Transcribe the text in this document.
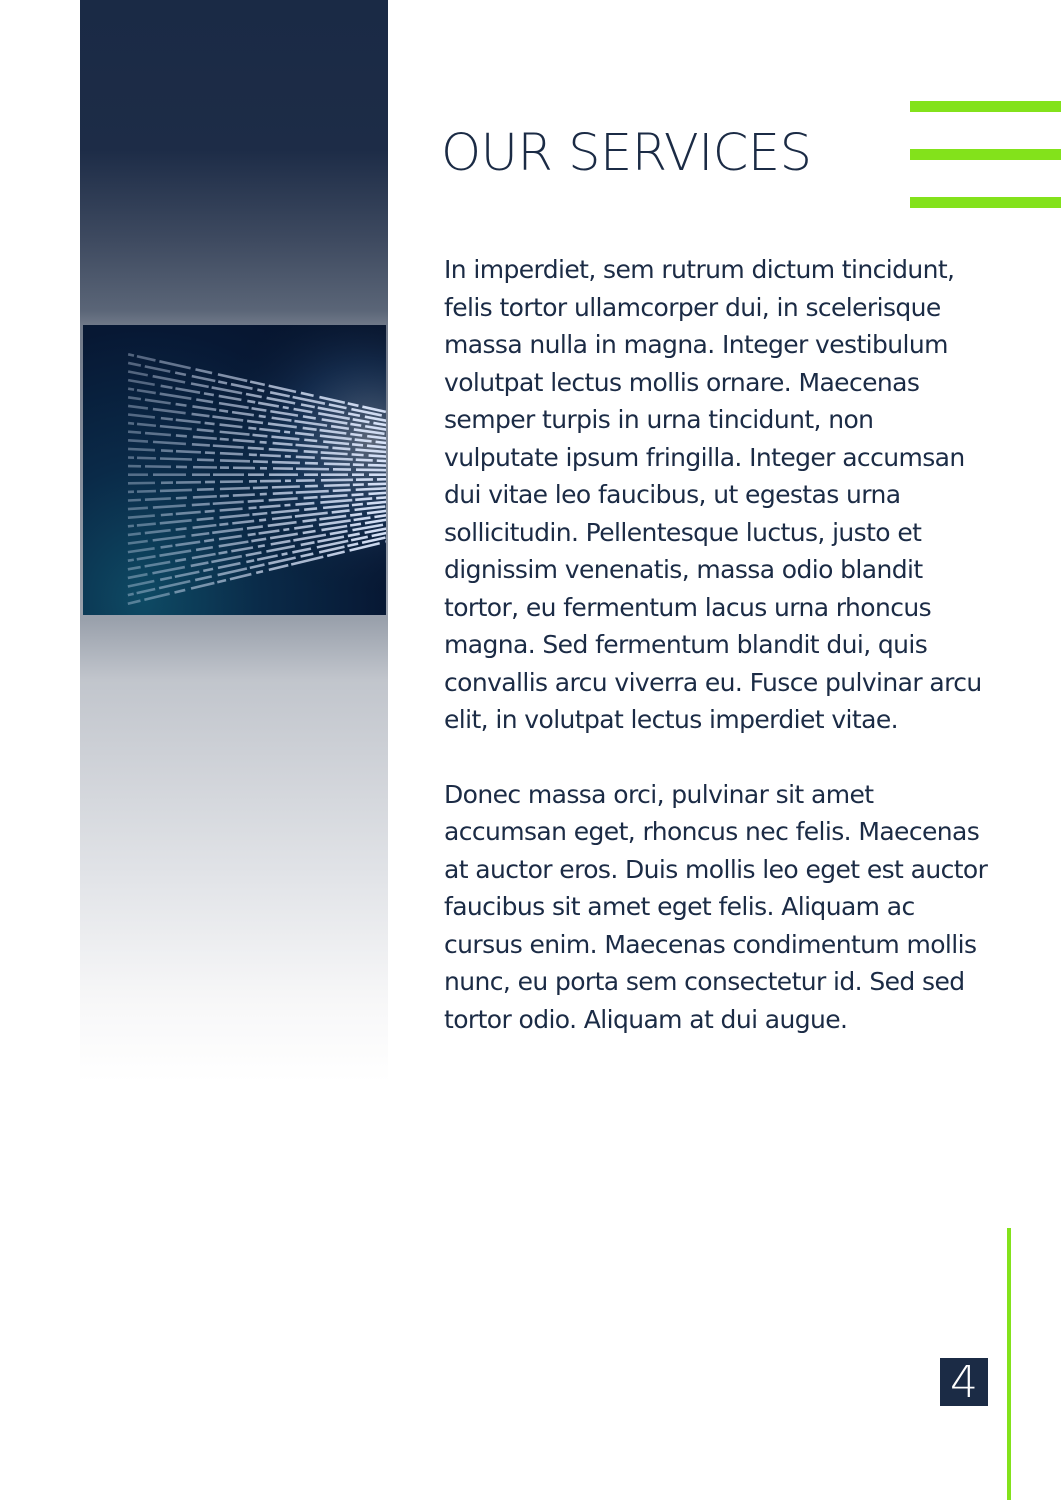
OUR SERVICES

In imperdiet, sem rutrum dictum tincidunt, felis tortor ullamcorper dui, in scelerisque massa nulla in magna. Integer vestibulum volutpat lectus mollis ornare. Maecenas semper turpis in urna tincidunt, non vulputate ipsum fringilla. Integer accumsan dui vitae leo faucibus, ut egestas urna sollicitudin. Pellentesque luctus, justo et dignissim venenatis, massa odio blandit tortor, eu fermentum lacus urna rhoncus magna. Sed fermentum blandit dui, quis convallis arcu viverra eu. Fusce pulvinar arcu elit, in volutpat lectus imperdiet vitae.

Donec massa orci, pulvinar sit amet accumsan eget, rhoncus nec felis. Maecenas at auctor eros. Duis mollis leo eget est auctor faucibus sit amet eget felis. Aliquam ac cursus enim. Maecenas condimentum mollis nunc, eu porta sem consectetur id. Sed sed tortor odio. Aliquam at dui augue.

4
